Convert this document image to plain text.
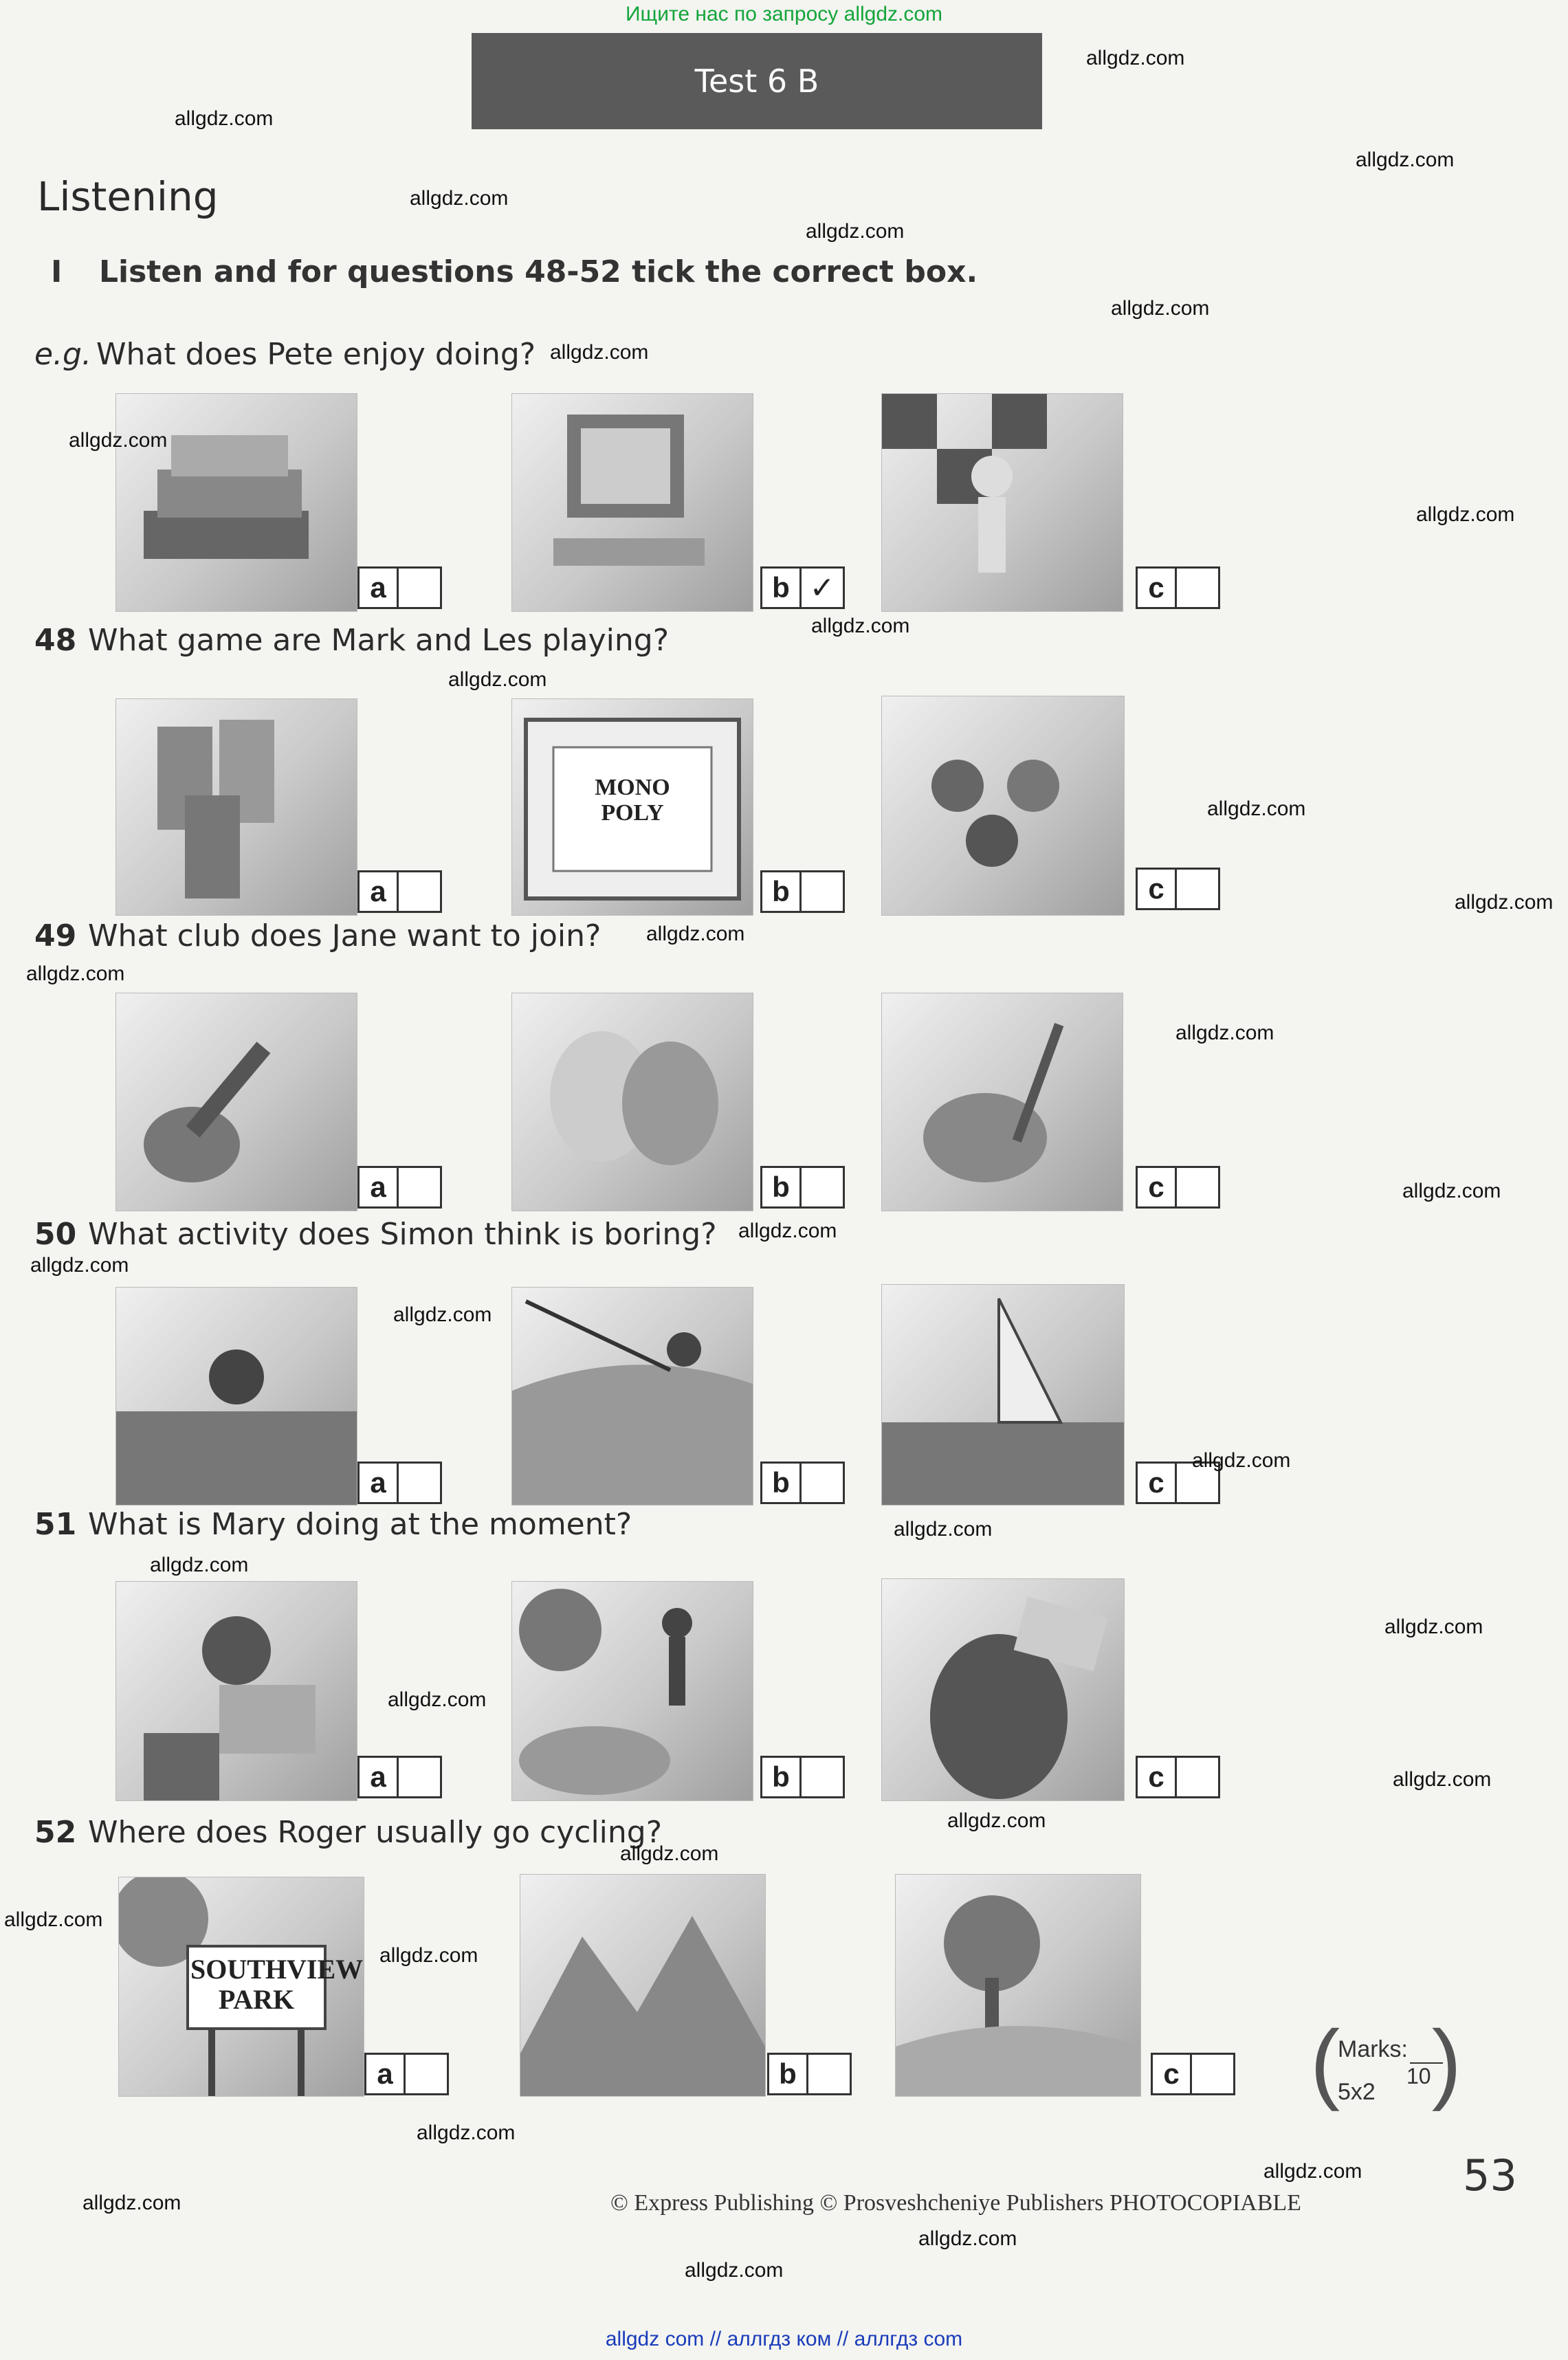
Ищите нас по запросу allgdz.com
Test 6 B
Listening
I Listen and for questions 48-52 tick the correct box.
e.g. What does Pete enjoy doing?
a	b ✓	c
48 What game are Mark and Les playing?
a
MONO POLY
b	c
49 What club does Jane want to join?
a	b	c
50 What activity does Simon think is boring?
a	b	c
51 What is Mary doing at the moment?
a	b	c
52 Where does Roger usually go cycling?
SOUTHVIEW PARK
a	b	c (
Marks:
10
5x2 )
53
© Express Publishing © Prosveshcheniye Publishers PHOTOCOPIABLE
allgdz.com
allgdz.com
allgdz.com
allgdz.com
allgdz.com
allgdz.com
allgdz.com
allgdz.com
allgdz.com
allgdz.com
allgdz.com
allgdz.com
allgdz.com
allgdz.com
allgdz.com
allgdz.com
allgdz.com
allgdz.com
allgdz.com
allgdz.com
allgdz.com
allgdz.com
allgdz.com
allgdz.com
allgdz.com
allgdz.com
allgdz.com
allgdz.com
allgdz.com
allgdz.com
allgdz.com
allgdz.com
allgdz.com
allgdz.com
allgdz.com
allgdz com // аллгдз ком // аллгдз com
